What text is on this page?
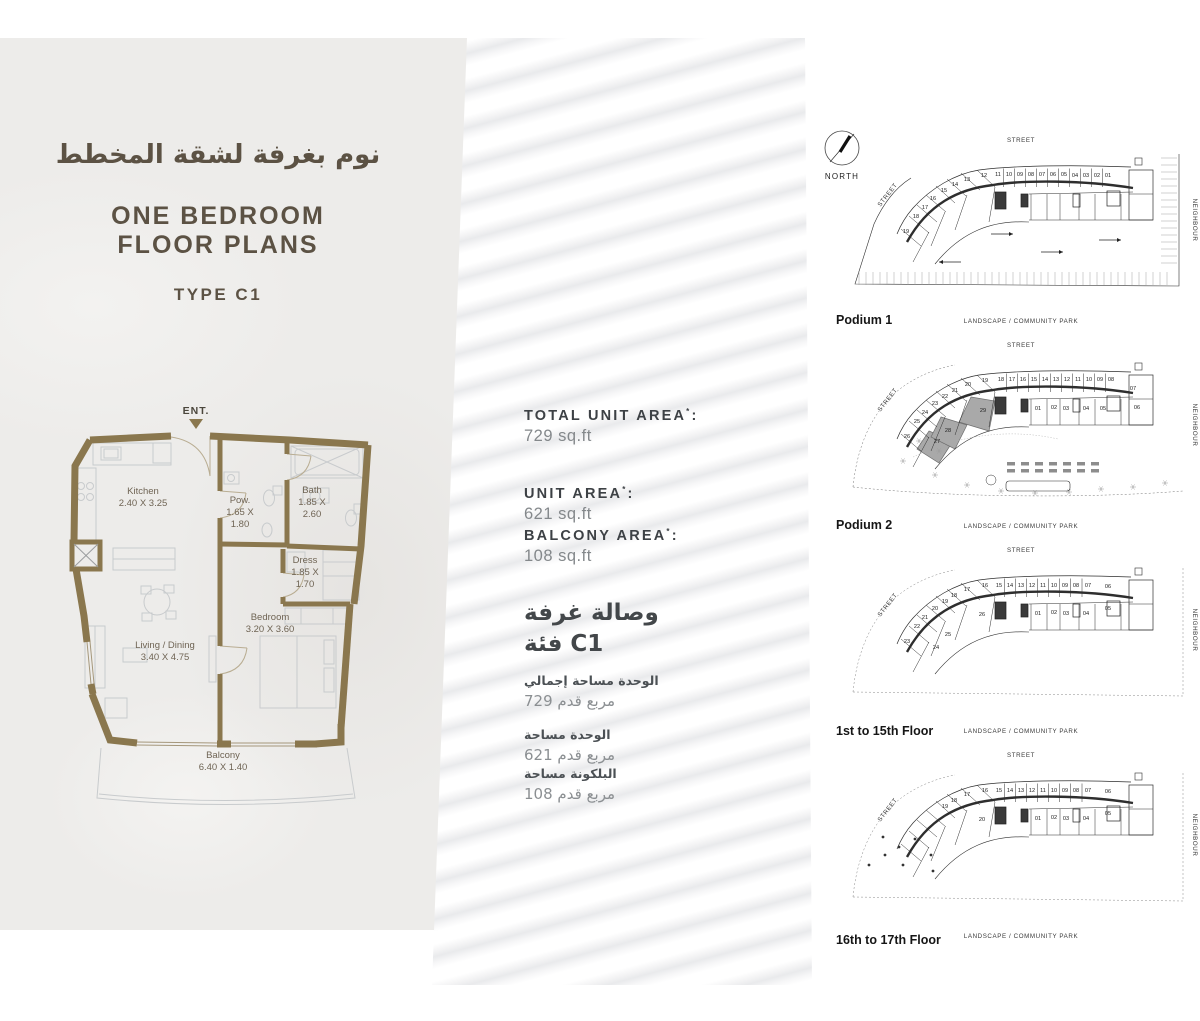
المخطط ‎لشقة ‎بغرفة ‎نوم
ONE BEDROOM
FLOOR PLANS
TYPE C1
ENT.
Kitchen
2.40 X 3.25	Pow.
1.65 X
1.80
Bath
1.85 X
2.60
Dress
1.85 X
1.70
Living / Dining
3.40 X 4.75
Bedroom
3.20 X 3.60
Balcony
6.40 X 1.40
TOTAL UNIT AREA*:
729 sq.ft
UNIT AREA*:
621 sq.ft
BALCONY AREA*:
108 sq.ft
غرفة ‎وصالة
فئة ‎C1
إجمالي ‎مساحة ‎الوحدة
729 ‎قدم ‎مربع
مساحة ‎الوحدة
621 ‎قدم ‎مربع
مساحة ‎البلكونة
108 ‎قدم ‎مربع
NORTH	01
02
03
04
05
06
07
08
09
10
11
12
13
14
15
16
17
18
19
STREET
STREET
NEIGHBOUR
LANDSCAPE / COMMUNITY PARK
08
09
10
11
12
13
14
15
16
17
18
19
20
21
22
23
24
25
26
01 02 03 04 05	06
07
27
28
29
STREET
STREET
NEIGHBOUR
LANDSCAPE / COMMUNITY PARK
07
08
09
10
11
12
13
14
15
16
17
18
19
20
21
22
23
24
25
26	01 02 03 04
05
06
STREET
STREET
NEIGHBOUR
LANDSCAPE / COMMUNITY PARK
07
08
09
10
11
12
13
14
15
16
17
18
19
20	01 02 03 04
05
06
STREET
STREET
NEIGHBOUR
LANDSCAPE / COMMUNITY PARK
Podium 1
Podium 2
1st to 15th Floor
16th to 17th Floor
